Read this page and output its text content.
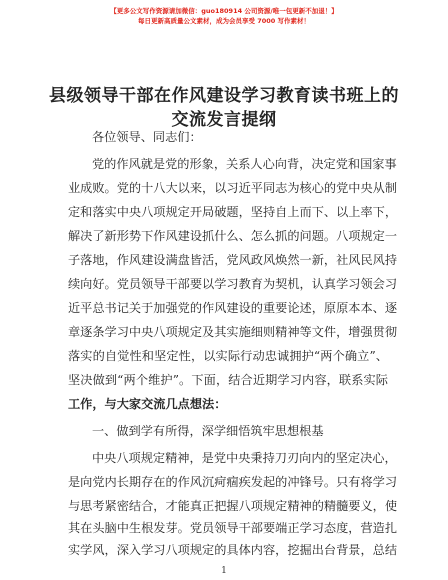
【更多公文写作资源请加微信：guo180914 公司资源/唯一包更新不加退！】
每日更新高质量公文素材，成为会员享受 7000 写作素材！
县级领导干部在作风建设学习教育读书班上的
交流发言提纲
各位领导、同志们：
党的作风就是党的形象，关系人心向背，决定党和国家事
业成败。党的十八大以来，以习近平同志为核心的党中央从制
定和落实中央八项规定开局破题，坚持自上而下、以上率下，
解决了新形势下作风建设抓什么、怎么抓的问题。八项规定一
子落地，作风建设满盘皆活，党风政风焕然一新，社风民风持
续向好。党员领导干部要以学习教育为契机，认真学习领会习
近平总书记关于加强党的作风建设的重要论述，原原本本、逐
章逐条学习中央八项规定及其实施细则精神等文件，增强贯彻
落实的自觉性和坚定性，以实际行动忠诚拥护“两个确立”、
坚决做到“两个维护”。下面，结合近期学习内容，联系实际
工作，与大家交流几点想法：
一、做到学有所得，深学细悟筑牢思想根基
中央八项规定精神，是党中央秉持刀刃向内的坚定决心，
是向党内长期存在的作风沉疴痼疾发起的冲锋号。只有将学习
与思考紧密结合，才能真正把握八项规定精神的精髓要义，使
其在头脑中生根发芽。党员领导干部要端正学习态度，营造扎
实学风，深入学习八项规定的具体内容，挖掘出台背景，总结
1
